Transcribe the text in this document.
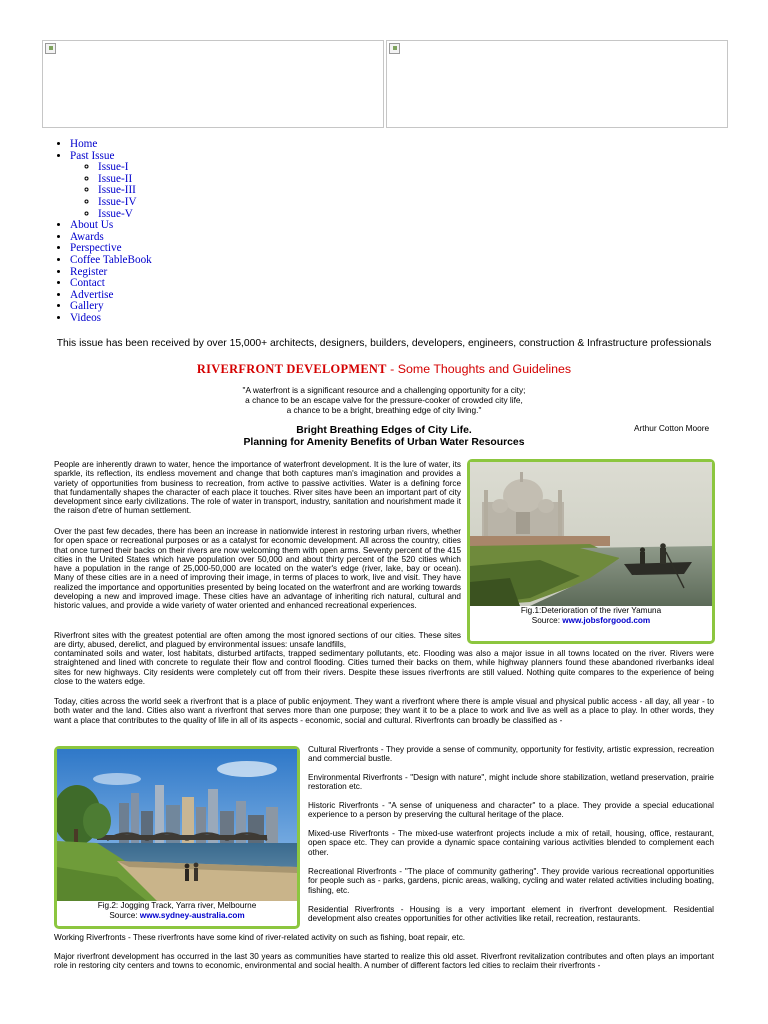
• Home
• Past Issue
◦ Issue-I
◦ Issue-II
◦ Issue-III
◦ Issue-IV
◦ Issue-V
• About Us
• Awards
• Perspective
• Coffee TableBook
• Register
• Contact
• Advertise
• Gallery
• Videos
This issue has been received by over 15,000+ architects, designers, builders, developers, engineers, construction & Infrastructure professionals
RIVERFRONT DEVELOPMENT - Some Thoughts and Guidelines
"A waterfront is a significant resource and a challenging opportunity for a city;
a chance to be an escape valve for the pressure-cooker of crowded city life,
a chance to be a bright, breathing edge of city living."
Arthur Cotton Moore
Bright Breathing Edges of City Life.
Planning for Amenity Benefits of Urban Water Resources
People are inherently drawn to water, hence the importance of waterfront development. It is the lure of water, its sparkle, its reflection, its endless movement and change that both captures man's imagination and provides a variety of opportunities from business to recreation, from active to passive activities. Water is a defining force that fundamentally shapes the character of each place it touches. River sites have been an important part of city development since early civilizations. The role of water in transport, industry, sanitation and nourishment made it the raison d'etre of human settlement.
Over the past few decades, there has been an increase in nationwide interest in restoring urban rivers, whether for open space or recreational purposes or as a catalyst for economic development. All across the country, cities that once turned their backs on their rivers are now welcoming them with open arms. Seventy percent of the 415 cities in the United States which have population over 50,000 and about thirty percent of the 520 cities which have a population in the range of 25,000-50,000 are located on the water's edge (river, lake, bay or ocean). Many of these cities are in a need of improving their image, in terms of places to work, live and visit. They have realized the importance and opportunities presented by being located on the waterfront and are working towards developing a new and improved image. These cities have an advantage of inheriting rich natural, cultural and historic values, and provide a wide variety of water oriented and enhanced recreational experiences.
Riverfront sites with the greatest potential are often among the most ignored sections of our cities. These sites are dirty, abused, derelict, and plagued by environmental issues: unsafe landfills,
contaminated soils and water, lost habitats, disturbed artifacts, trapped sedimentary pollutants, etc. Flooding was also a major issue in all towns located on the river. Rivers were straightened and lined with concrete to regulate their flow and control flooding. Cities turned their backs on them, while highway planners found these abandoned riverbanks ideal sites for new highways. City residents were completely cut off from their rivers. Despite these issues riverfronts are still valued. Nothing quite compares to the experience of being close to the waters edge.
Today, cities across the world seek a riverfront that is a place of public enjoyment. They want a riverfront where there is ample visual and physical public access - all day, all year - to both water and the land. Cities also want a riverfront that serves more than one purpose; they want it to be a place to work and live as well as a place to play. In other words, they want a place that contributes to the quality of life in all of its aspects - economic, social and cultural. Riverfronts can broadly be classified as -
Fig.1:Deterioration of the river Yamuna
Source: www.jobsforgood.com
Fig.2: Jogging Track, Yarra river, Melbourne
Source: www.sydney-australia.com
Cultural Riverfronts - They provide a sense of community, opportunity for festivity, artistic expression, recreation and commercial bustle.
Environmental Riverfronts - "Design with nature", might include shore stabilization, wetland preservation, prairie restoration etc.
Historic Riverfronts - "A sense of uniqueness and character" to a place. They provide a special educational experience to a person by preserving the cultural heritage of the place.
Mixed-use Riverfronts - The mixed-use waterfront projects include a mix of retail, housing, office, restaurant, open space etc. They can provide a dynamic space containing various activities blended to complement each other.
Recreational Riverfronts - "The place of community gathering". They provide various recreational opportunities for people such as - parks, gardens, picnic areas, walking, cycling and water related activities including boating, fishing, etc.
Residential Riverfronts - Housing is a very important element in riverfront development. Residential development also creates opportunities for other activities like retail, recreation, restaurants.
Working Riverfronts - These riverfronts have some kind of river-related activity on such as fishing, boat repair, etc.
Major riverfront development has occurred in the last 30 years as communities have started to realize this old asset. Riverfront revitalization contributes and often plays an important role in restoring city centers and towns to economic, environmental and social health. A number of different factors led cities to reclaim their riverfronts -
